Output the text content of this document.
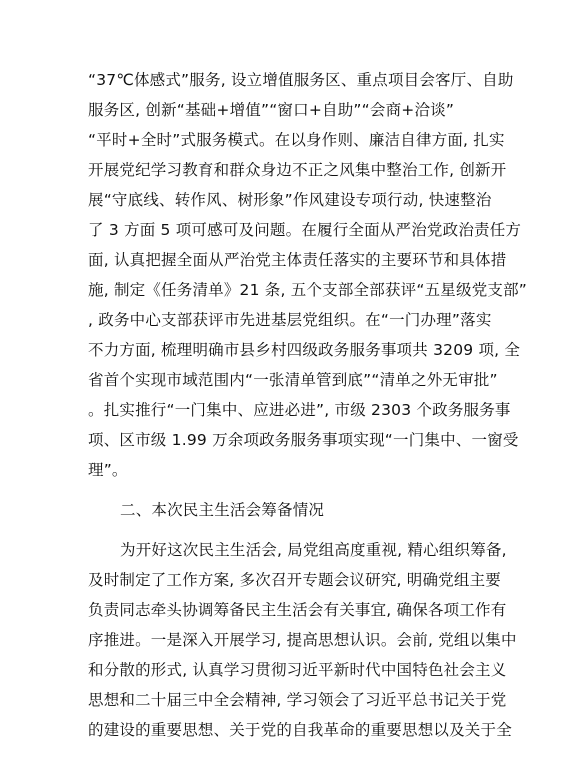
“37℃体感式”服务, 设立增值服务区、重点项目会客厅、自助
服务区, 创新“基础+增值”“窗口+自助”“会商+洽谈”
“平时+全时”式服务模式。在以身作则、廉洁自律方面, 扎实
开展党纪学习教育和群众身边不正之风集中整治工作, 创新开
展“守底线、转作风、树形象”作风建设专项行动, 快速整治
了 3 方面 5 项可感可及问题。在履行全面从严治党政治责任方
面, 认真把握全面从严治党主体责任落实的主要环节和具体措
施, 制定《任务清单》21 条, 五个支部全部获评“五星级党支部”
, 政务中心支部获评市先进基层党组织。在“一门办理”落实
不力方面, 梳理明确市县乡村四级政务服务事项共 3209 项, 全
省首个实现市域范围内“一张清单管到底”“清单之外无审批”
。扎实推行“一门集中、应进必进”, 市级 2303 个政务服务事
项、区市级 1.99 万余项政务服务事项实现“一门集中、一窗受
理”。
二、本次民主生活会筹备情况
为开好这次民主生活会, 局党组高度重视, 精心组织筹备,
及时制定了工作方案, 多次召开专题会议研究, 明确党组主要
负责同志牵头协调筹备民主生活会有关事宜, 确保各项工作有
序推进。一是深入开展学习, 提高思想认识。会前, 党组以集中
和分散的形式, 认真学习贯彻习近平新时代中国特色社会主义
思想和二十届三中全会精神, 学习领会了习近平总书记关于党
的建设的重要思想、关于党的自我革命的重要思想以及关于全
